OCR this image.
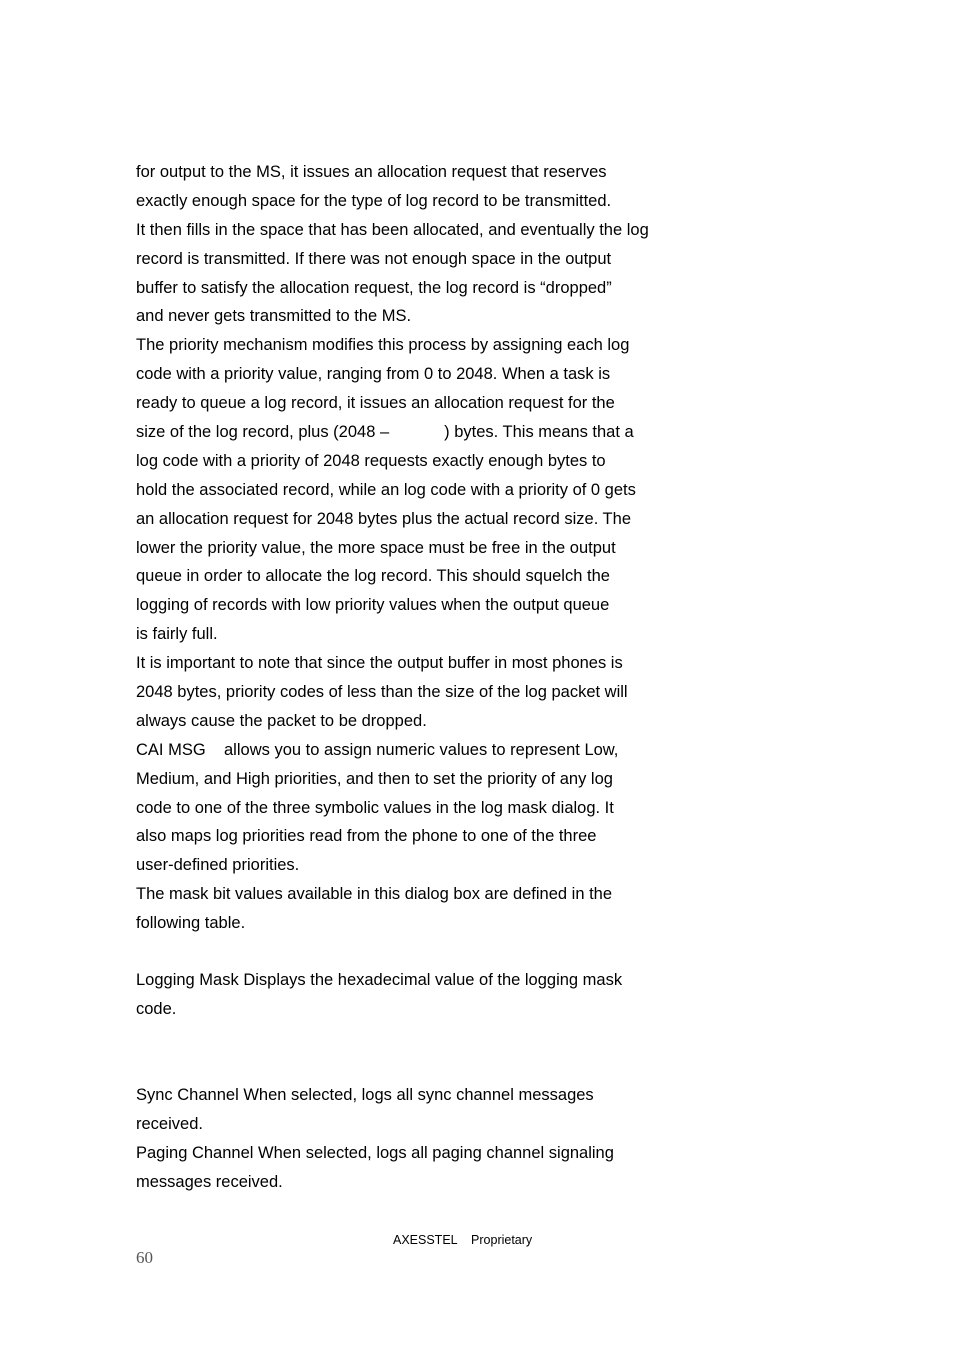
for output to the MS, it issues an allocation request that reserves
exactly enough space for the type of log record to be transmitted.
It then fills in the space that has been allocated, and eventually the log
record is transmitted. If there was not enough space in the output
buffer to satisfy the allocation request, the log record is “dropped”
and never gets transmitted to the MS.
The priority mechanism modifies this process by assigning each log
code with a priority value, ranging from 0 to 2048. When a task is
ready to queue a log record, it issues an allocation request for the
size of the log record, plus (2048 –            ) bytes. This means that a
log code with a priority of 2048 requests exactly enough bytes to
hold the associated record, while an log code with a priority of 0 gets
an allocation request for 2048 bytes plus the actual record size. The
lower the priority value, the more space must be free in the output
queue in order to allocate the log record. This should squelch the
logging of records with low priority values when the output queue
is fairly full.
It is important to note that since the output buffer in most phones is
2048 bytes, priority codes of less than the size of the log packet will
always cause the packet to be dropped.
CAI MSG    allows you to assign numeric values to represent Low,
Medium, and High priorities, and then to set the priority of any log
code to one of the three symbolic values in the log mask dialog. It
also maps log priorities read from the phone to one of the three
user-defined priorities.
The mask bit values available in this dialog box are defined in the
following table.
Logging Mask Displays the hexadecimal value of the logging mask
code.
Sync Channel When selected, logs all sync channel messages
received.
Paging Channel When selected, logs all paging channel signaling
messages received.
AXESSTEL    Proprietary
60
